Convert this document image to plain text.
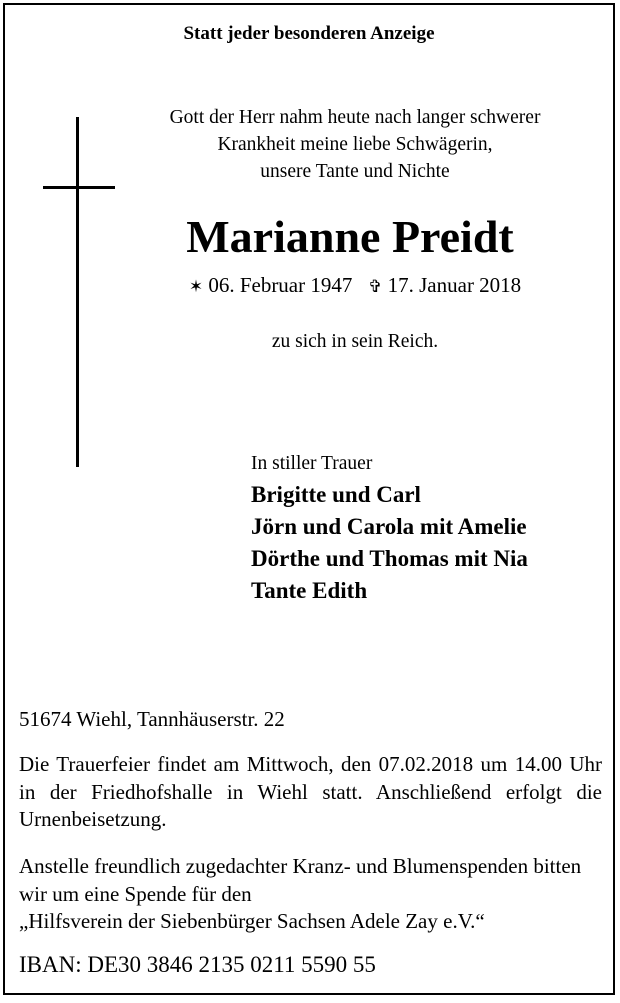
Statt jeder besonderen Anzeige
Gott der Herr nahm heute nach langer schwerer
Krankheit meine liebe Schwägerin,
unsere Tante und Nichte
Marianne Preidt
✶ 06. Februar 1947 ✞ 17. Januar 2018
zu sich in sein Reich.
In stiller Trauer
Brigitte und Carl
Jörn und Carola mit Amelie
Dörthe und Thomas mit Nia
Tante Edith
51674 Wiehl, Tannhäuserstr. 22
Die Trauerfeier findet am Mittwoch, den 07.02.2018 um 14.00 Uhr in der Friedhofshalle in Wiehl statt. Anschließend erfolgt die Urnenbeisetzung.
Anstelle freundlich zugedachter Kranz- und Blumenspenden bitten wir um eine Spende für den
„Hilfsverein der Siebenbürger Sachsen Adele Zay e.V.“
IBAN: DE30 3846 2135 0211 5590 55
